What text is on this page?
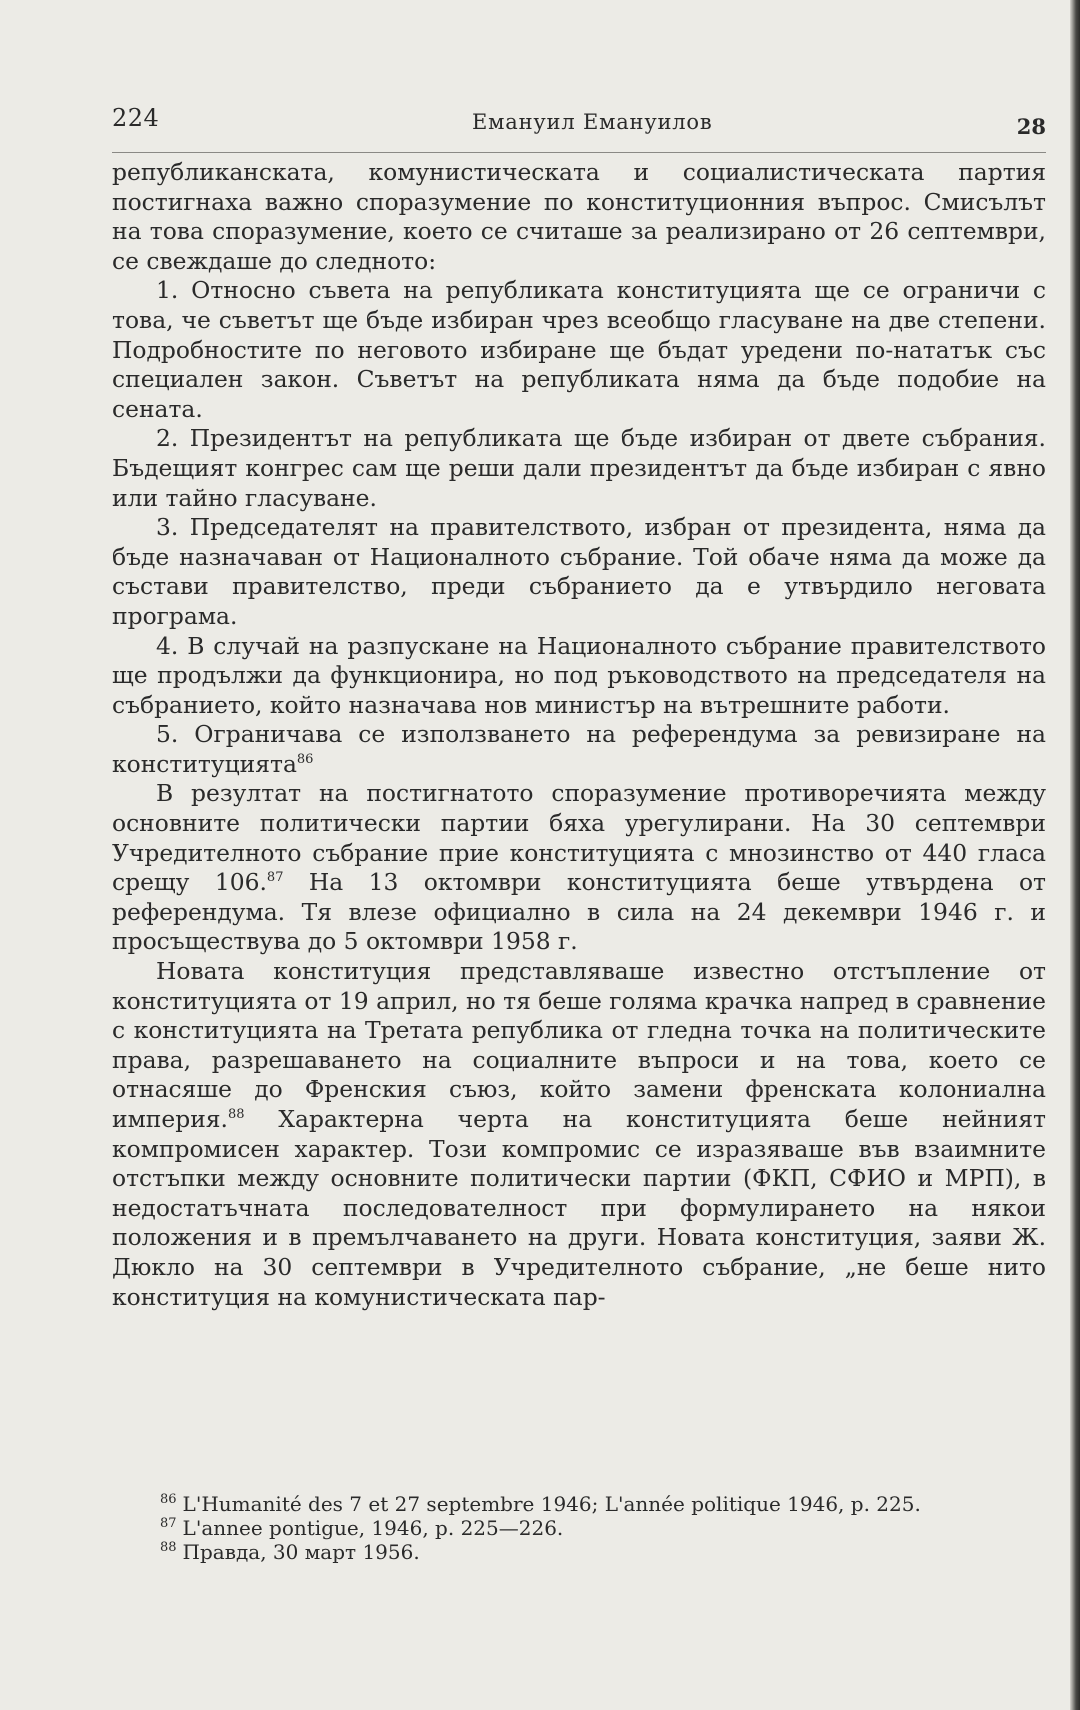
224	Емануил Емануилов	28

републиканската, комунистическата и социалистическата партия постигнаха важно споразумение по конституционния въпрос. Смисълът на това споразумение, което се считаше за реализирано от 26 септември, се свеждаше до следното:

1. Относно съвета на републиката конституцията ще се ограничи с това, че съветът ще бъде избиран чрез всеобщо гласуване на две степени. Подробностите по неговото избиране ще бъдат уредени по-нататък със специален закон. Съветът на републиката няма да бъде подобие на сената.

2. Президентът на републиката ще бъде избиран от двете събрания. Бъдещият конгрес сам ще реши дали президентът да бъде избиран с явно или тайно гласуване.

3. Председателят на правителството, избран от президента, няма да бъде назначаван от Националното събрание. Той обаче няма да може да състави правителство, преди събранието да е утвърдило неговата програма.

4. В случай на разпускане на Националното събрание правителството ще продължи да функционира, но под ръководството на председателя на събранието, който назначава нов министър на вътрешните работи.

5. Ограничава се използването на референдума за ревизиране на конституцията$^{86}$

В резултат на постигнатото споразумение противоречията между основните политически партии бяха урегулирани. На 30 септември Учредителното събрание прие конституцията с мнозинство от 440 гласа срещу 106.87 На 13 октомври конституцията беше утвърдена от референдума. Тя влезе официално в сила на 24 декември 1946 г. и просъществува до 5 октомври 1958 г.

Новата конституция представляваше известно отстъпление от конституцията от 19 април, но тя беше голяма крачка напред в сравнение с конституцията на Третата република от гледна точка на политическите права, разрешаването на социалните въпроси и на това, което се отнасяше до Френския съюз, който замени френската колониална империя.$^{88}$ Характерна черта на конституцията беше нейният компромисен характер. Този компромис се изразяваше във взаимните отстъпки между основните политически партии (ФКП, СФИО и МРП), в недостатъчната последователност при формулирането на някои положения и в премълчаването на други. Новата конституция, заяви Ж. Дюкло на 30 септември в Учредителното събрание, „не беше нито конституция на комунистическата пар-

86 L'Humanité des 7 et 27 septembre 1946; L'année politique 1946, p. 225.
87 L'annee pontigue, 1946, p. 225—226.
88 Правда, 30 март 1956.
